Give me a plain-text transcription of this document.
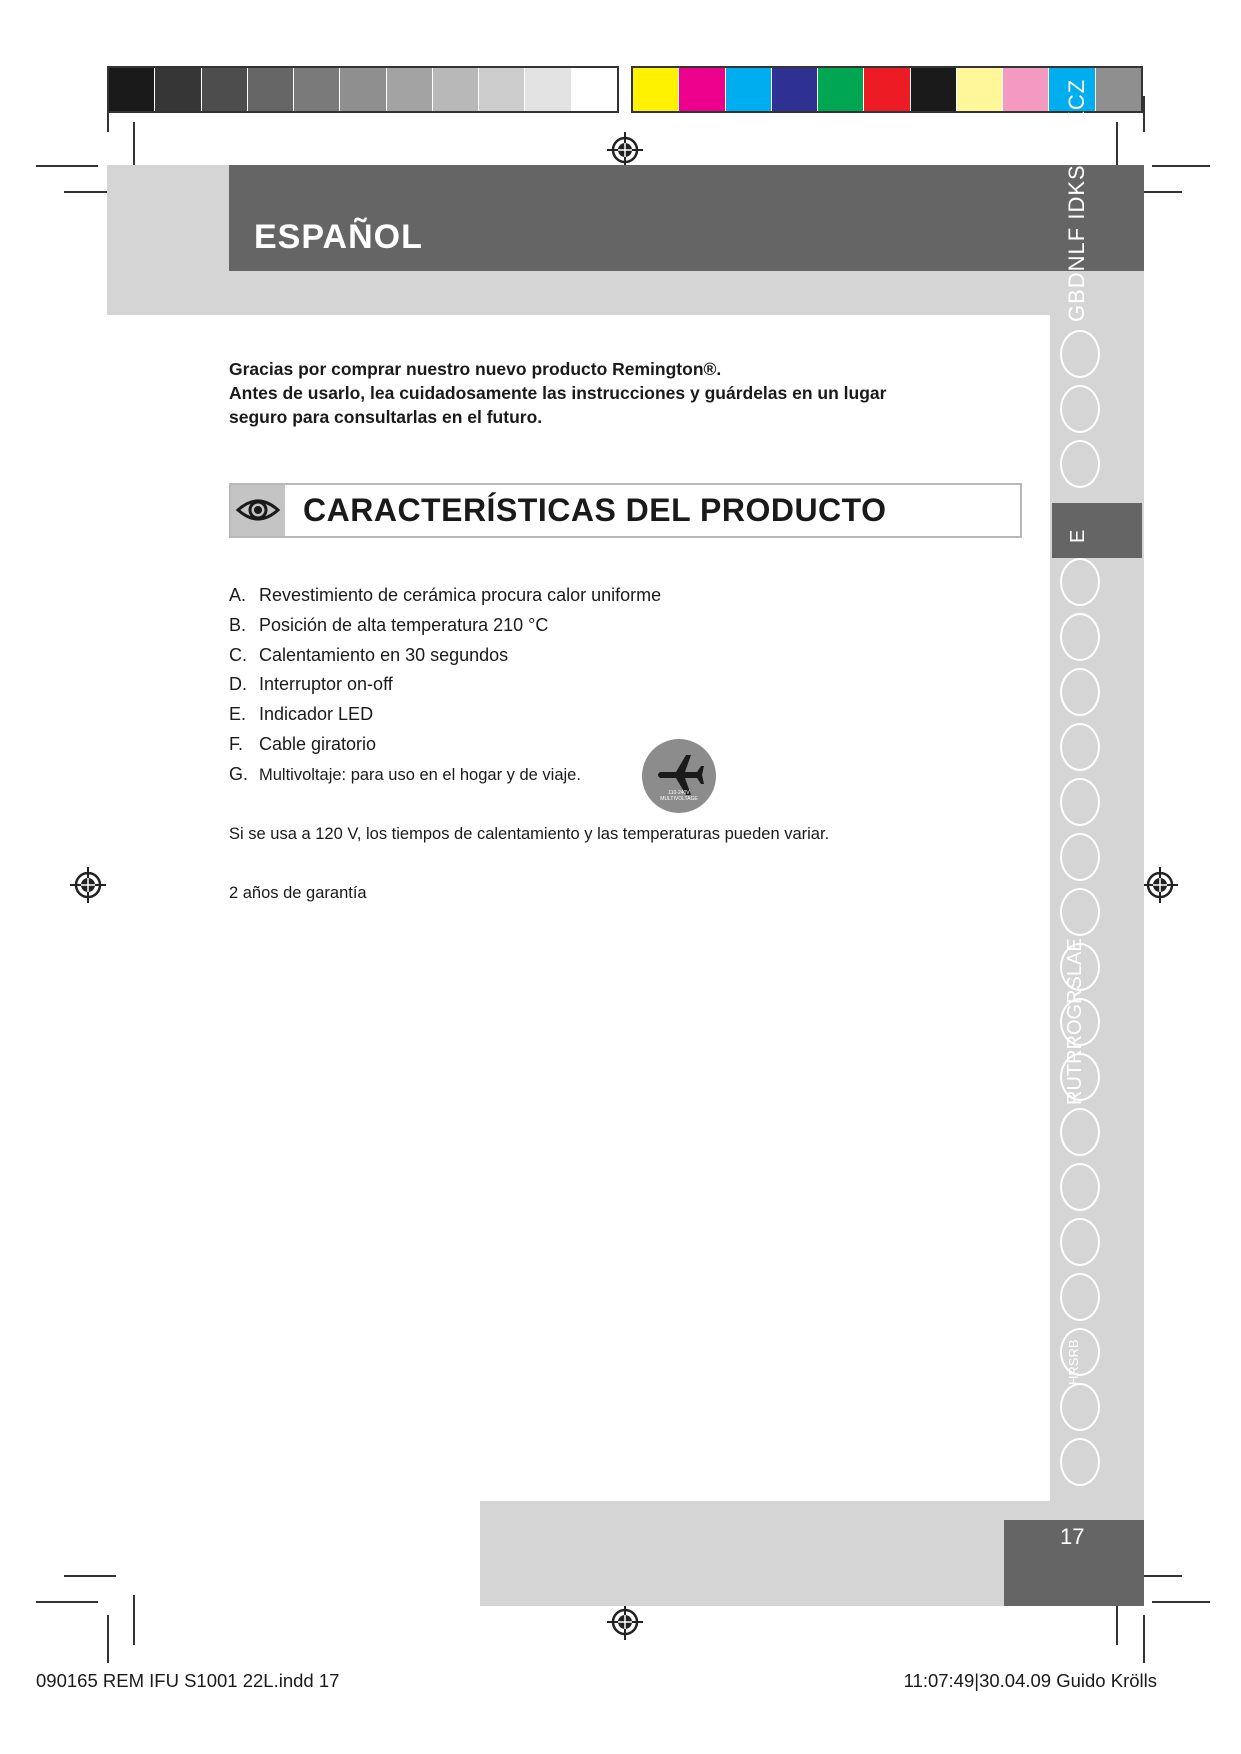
ESPAÑOL	GBDNLF IDKS PSKCZ
E
RUTRROGRSLAE
HRSRB
17

Gracias por comprar nuestro nuevo producto Remington®.

Antes de usarlo, lea cuidadosamente las instrucciones y guárdelas en un lugar

seguro para consultarlas en el futuro.

CARACTERÍSTICAS DEL PRODUCTO
A. Revestimiento de cerámica procura calor uniforme
B. Posición de alta temperatura 210 °C
C. Calentamiento en 30 segundos
D. Interruptor on-off
E. Indicador LED
F. Cable giratorio
G. Multivoltaje: para uso en el hogar y de viaje.
110-240V
MULTIVOLTAGE
Si se usa a 120 V, los tiempos de calentamiento y las temperaturas pueden variar.
2 años de garantía
090165 REM IFU S1001 22L.indd 17	11:07:49|30.04.09 Guido Krölls
